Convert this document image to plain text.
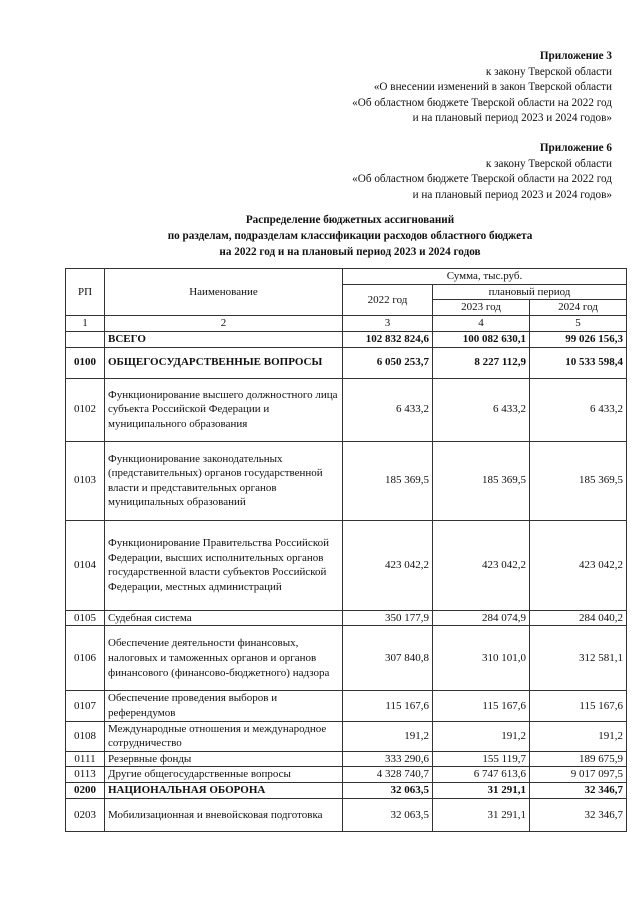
Приложение 3
к закону Тверской области
«О внесении изменений в закон Тверской области
«Об областном бюджете Тверской области на 2022 год
и на плановый период 2023 и 2024 годов»
Приложение 6
к закону Тверской области
«Об областном бюджете Тверской области на 2022 год
и на плановый период 2023 и 2024 годов»
Распределение бюджетных ассигнований
по разделам, подразделам классификации расходов областного бюджета
на 2022 год и на плановый период 2023 и 2024 годов
РП	Наименование	Сумма, тыс.руб.		
		2022 год	плановый период	
			2023 год	2024 год
1	2	3	4	5
	ВСЕГО	102 832 824,6	100 082 630,1	99 026 156,3
0100	ОБЩЕГОСУДАРСТВЕННЫЕ ВОПРОСЫ	6 050 253,7	8 227 112,9	10 533 598,4
0102	Функционирование высшего должностного лица субъекта Российской Федерации и муниципального образования	6 433,2	6 433,2	6 433,2
0103	Функционирование законодательных (представительных) органов государственной власти и представительных органов муниципальных образований	185 369,5	185 369,5	185 369,5
0104	Функционирование Правительства Российской Федерации, высших исполнительных органов государственной власти субъектов Российской Федерации, местных администраций	423 042,2	423 042,2	423 042,2
0105	Судебная система	350 177,9	284 074,9	284 040,2
0106	Обеспечение деятельности финансовых, налоговых и таможенных органов и органов финансового (финансово-бюджетного) надзора	307 840,8	310 101,0	312 581,1
0107	Обеспечение проведения выборов и референдумов	115 167,6	115 167,6	115 167,6
0108	Международные отношения и международное сотрудничество	191,2	191,2	191,2
0111	Резервные фонды	333 290,6	155 119,7	189 675,9
0113	Другие общегосударственные вопросы	4 328 740,7	6 747 613,6	9 017 097,5
0200	НАЦИОНАЛЬНАЯ ОБОРОНА	32 063,5	31 291,1	32 346,7
0203	Мобилизационная и вневойсковая подготовка	32 063,5	31 291,1	32 346,7
